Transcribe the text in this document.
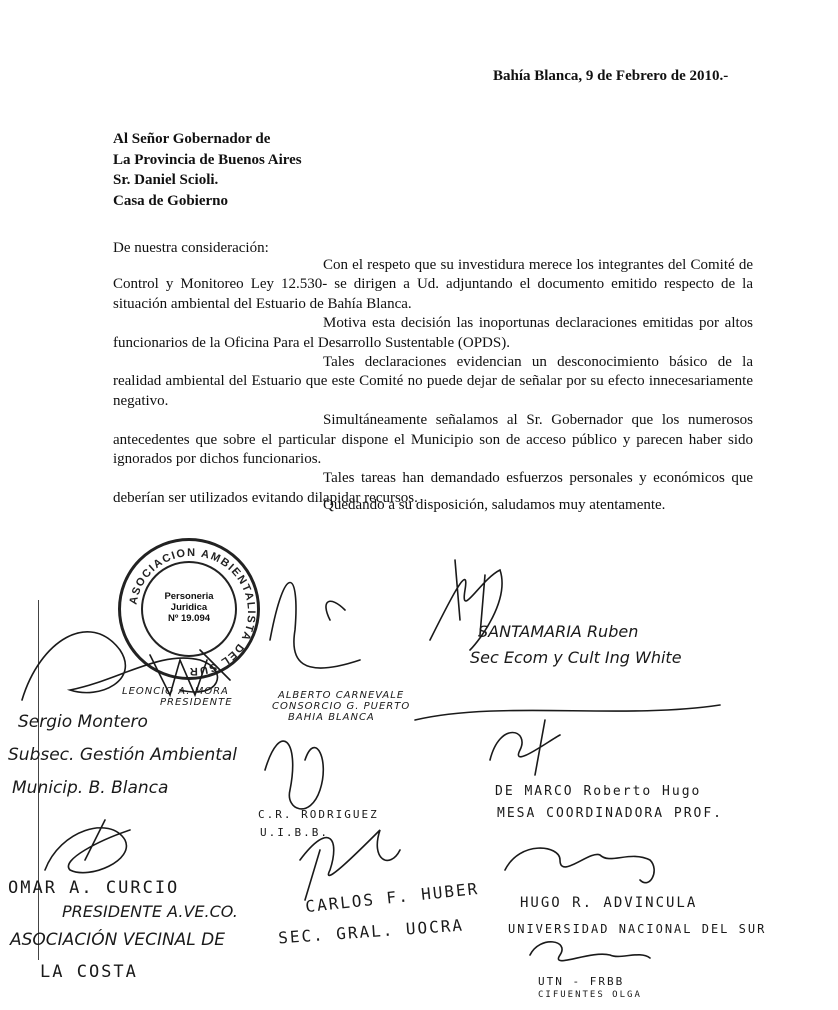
Bahía Blanca, 9 de Febrero de 2010.-
Al Señor Gobernador de
La Provincia de Buenos Aires
Sr. Daniel Scioli.
Casa de Gobierno
De nuestra consideración:

Con el respeto que su investidura merece los integrantes del Comité de Control y Monitoreo Ley 12.530- se dirigen a Ud. adjuntando el documento emitido respecto de la situación ambiental del Estuario de Bahía Blanca.

Motiva esta decisión las inoportunas declaraciones emitidas por altos funcionarios de la Oficina Para el Desarrollo Sustentable (OPDS).

Tales declaraciones evidencian un desconocimiento básico de la realidad ambiental del Estuario que este Comité no puede dejar de señalar por su efecto innecesariamente negativo.

Simultáneamente señalamos al Sr. Gobernador que los numerosos antecedentes que sobre el particular dispone el Municipio son de acceso público y parecen haber sido ignorados por dichos funcionarios.

Tales tareas han demandado esfuerzos personales y económicos que deberían ser utilizados evitando dilapidar recursos.

Quedando a su disposición, saludamos muy atentamente.
ASOCIACION AMBIENTALISTA DEL SUR
Personeria
Juridica
Nº 19.094
LEONCIO A. MORA
PRESIDENTE
ALBERTO CARNEVALE
CONSORCIO G. PUERTO
BAHIA BLANCA
SANTAMARIA Ruben
Sec Ecom y Cult Ing White
Sergio Montero
Subsec. Gestión Ambiental
Municip. B. Blanca	DE MARCO Roberto Hugo
MESA COORDINADORA PROF.
C.R. RODRIGUEZ
U.I.B.B.
OMAR A. CURCIO
PRESIDENTE A.VE.CO.
ASOCIACIÓN VECINAL DE
LA COSTA
CARLOS F. HUBER
SEC. GRAL. UOCRA
HUGO R. ADVINCULA
UNIVERSIDAD NACIONAL DEL SUR
UTN - FRBB
CIFUENTES OLGA
